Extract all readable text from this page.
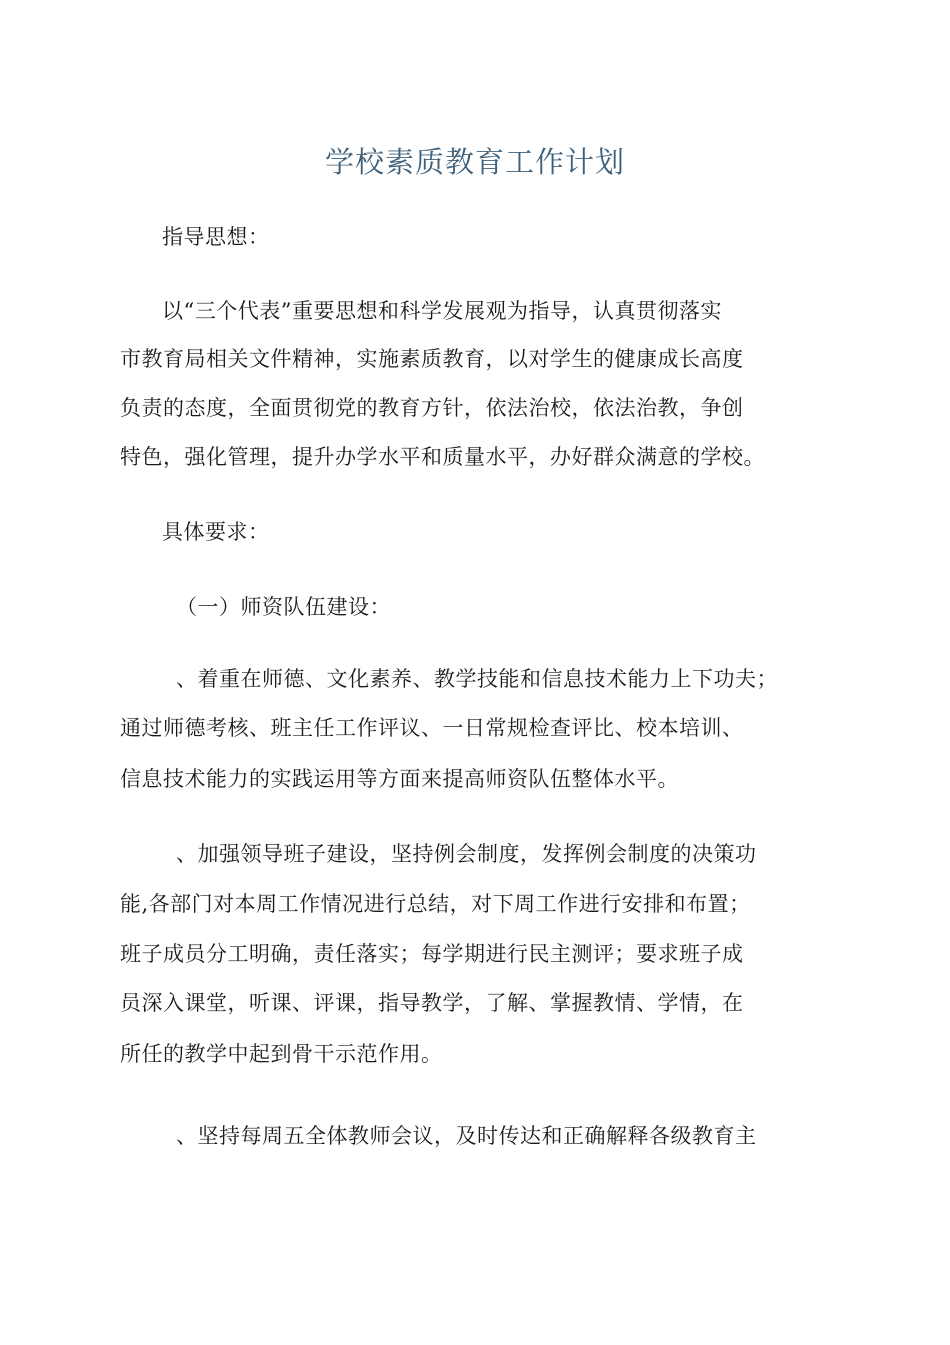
学校素质教育工作计划

指导思想：

以“三个代表”重要思想和科学发展观为指导，认真贯彻落实

市教育局相关文件精神，实施素质教育，以对学生的健康成长高度

负责的态度，全面贯彻党的教育方针，依法治校，依法治教，争创

特色，强化管理，提升办学水平和质量水平，办好群众满意的学校。

具体要求：

（一）师资队伍建设：

、着重在师德、文化素养、教学技能和信息技术能力上下功夫；

通过师德考核、班主任工作评议、一日常规检查评比、校本培训、

信息技术能力的实践运用等方面来提高师资队伍整体水平。

、加强领导班子建设，坚持例会制度，发挥例会制度的决策功

能,各部门对本周工作情况进行总结，对下周工作进行安排和布置；

班子成员分工明确，责任落实；每学期进行民主测评；要求班子成

员深入课堂，听课、评课，指导教学，了解、掌握教情、学情，在

所任的教学中起到骨干示范作用。

、坚持每周五全体教师会议，及时传达和正确解释各级教育主
